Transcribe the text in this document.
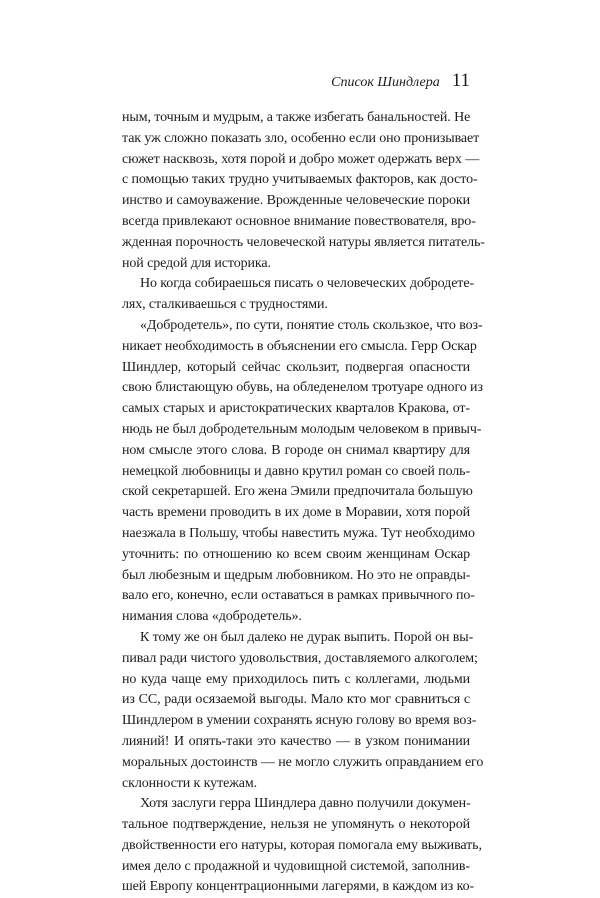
Список Шиндлера 11
ным, точным и мудрым, а также избегать банальностей. Не
так уж сложно показать зло, особенно если оно пронизывает
сюжет насквозь, хотя порой и добро может одержать верх —
с помощью таких трудно учитываемых факторов, как досто-
инство и самоуважение. Врожденные человеческие пороки
всегда привлекают основное внимание повествователя, вро-
жденная порочность человеческой натуры является питатель-
ной средой для историка.
Но когда собираешься писать о человеческих добродете-
лях, сталкиваешься с трудностями.
«Добродетель», по сути, понятие столь скользкое, что воз-
никает необходимость в объяснении его смысла. Герр Оскар
Шиндлер, который сейчас скользит, подвергая опасности
свою блистающую обувь, на обледенелом тротуаре одного из
самых старых и аристократических кварталов Кракова, от-
нюдь не был добродетельным молодым человеком в привыч-
ном смысле этого слова. В городе он снимал квартиру для
немецкой любовницы и давно крутил роман со своей поль-
ской секретаршей. Его жена Эмили предпочитала большую
часть времени проводить в их доме в Моравии, хотя порой
наезжала в Польшу, чтобы навестить мужа. Тут необходимо
уточнить: по отношению ко всем своим женщинам Оскар
был любезным и щедрым любовником. Но это не оправды-
вало его, конечно, если оставаться в рамках привычного по-
нимания слова «добродетель».
К тому же он был далеко не дурак выпить. Порой он вы-
пивал ради чистого удовольствия, доставляемого алкоголем;
но куда чаще ему приходилось пить с коллегами, людьми
из СС, ради осязаемой выгоды. Мало кто мог сравниться с
Шиндлером в умении сохранять ясную голову во время воз-
лияний! И опять-таки это качество — в узком понимании
моральных достоинств — не могло служить оправданием его
склонности к кутежам.
Хотя заслуги герра Шиндлера давно получили докумен-
тальное подтверждение, нельзя не упомянуть о некоторой
двойственности его натуры, которая помогала ему выживать,
имея дело с продажной и чудовищной системой, заполнив-
шей Европу концентрационными лагерями, в каждом из ко-
